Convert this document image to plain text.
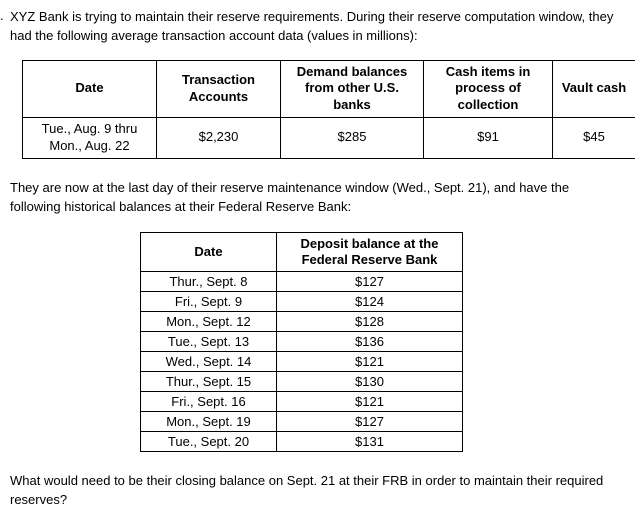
. XYZ Bank is trying to maintain their reserve requirements. During their reserve computation window, they had the following average transaction account data (values in millions):

Date	Transaction Accounts	Demand balances from other U.S. banks	Cash items in process of collection	Vault cash
Tue., Aug. 9 thru Mon., Aug. 22	$2,230	$285	$91	$45

They are now at the last day of their reserve maintenance window (Wed., Sept. 21), and have the following historical balances at their Federal Reserve Bank:

Date	Deposit balance at the Federal Reserve Bank
Thur., Sept. 8	$127
Fri., Sept. 9	$124
Mon., Sept. 12	$128
Tue., Sept. 13	$136
Wed., Sept. 14	$121
Thur., Sept. 15	$130
Fri., Sept. 16	$121
Mon., Sept. 19	$127
Tue., Sept. 20	$131

What would need to be their closing balance on Sept. 21 at their FRB in order to maintain their required reserves?
